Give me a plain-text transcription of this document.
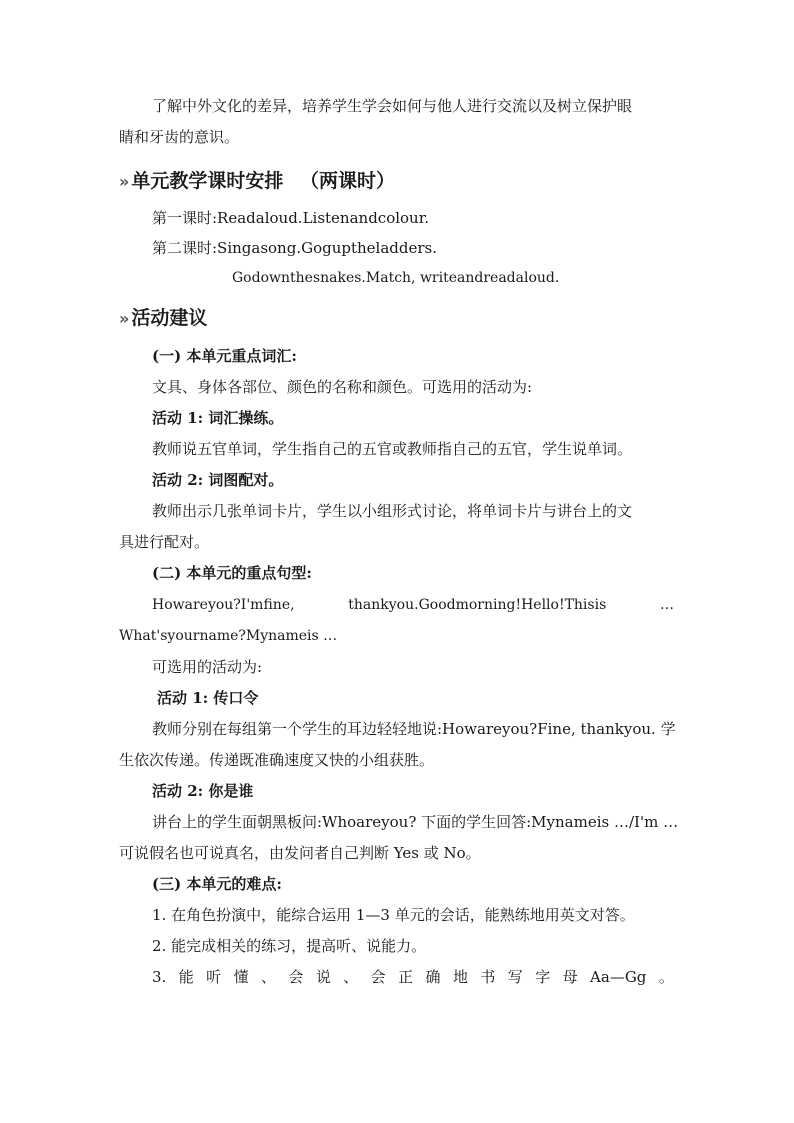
了解中外文化的差异，培养学生学会如何与他人进行交流以及树立保护眼
睛和牙齿的意识。
» 单元教学课时安排 （两课时）
第一课时:Readaloud.Listenandcolour.
第二课时:Singasong.Goguptheladders.
Godownthesnakes.Match, writeandreadaloud.
» 活动建议
(一) 本单元重点词汇:
文具、身体各部位、颜色的名称和颜色。可选用的活动为:
活动 1: 词汇操练。
教师说五官单词，学生指自己的五官或教师指自己的五官，学生说单词。
活动 2: 词图配对。
教师出示几张单词卡片，学生以小组形式讨论，将单词卡片与讲台上的文
具进行配对。
(二) 本单元的重点句型:
Howareyou?I'mfine,	thankyou.Goodmorning!Hello!Thisis	…
What'syourname?Mynameis …
可选用的活动为:
活动 1: 传口令
教师分别在每组第一个学生的耳边轻轻地说:Howareyou?Fine, thankyou. 学
生依次传递。传递既准确速度又快的小组获胜。
活动 2: 你是谁
讲台上的学生面朝黑板问:Whoareyou? 下面的学生回答:Mynameis …/I'm …
可说假名也可说真名，由发问者自己判断 Yes 或 No。
(三) 本单元的难点:
1. 在角色扮演中，能综合运用 1—3 单元的会话，能熟练地用英文对答。
2. 能完成相关的练习，提高听、说能力。
3. 能 听 懂 、 会 说 、 会 正 确 地 书 写 字 母 Aa—Gg 。
